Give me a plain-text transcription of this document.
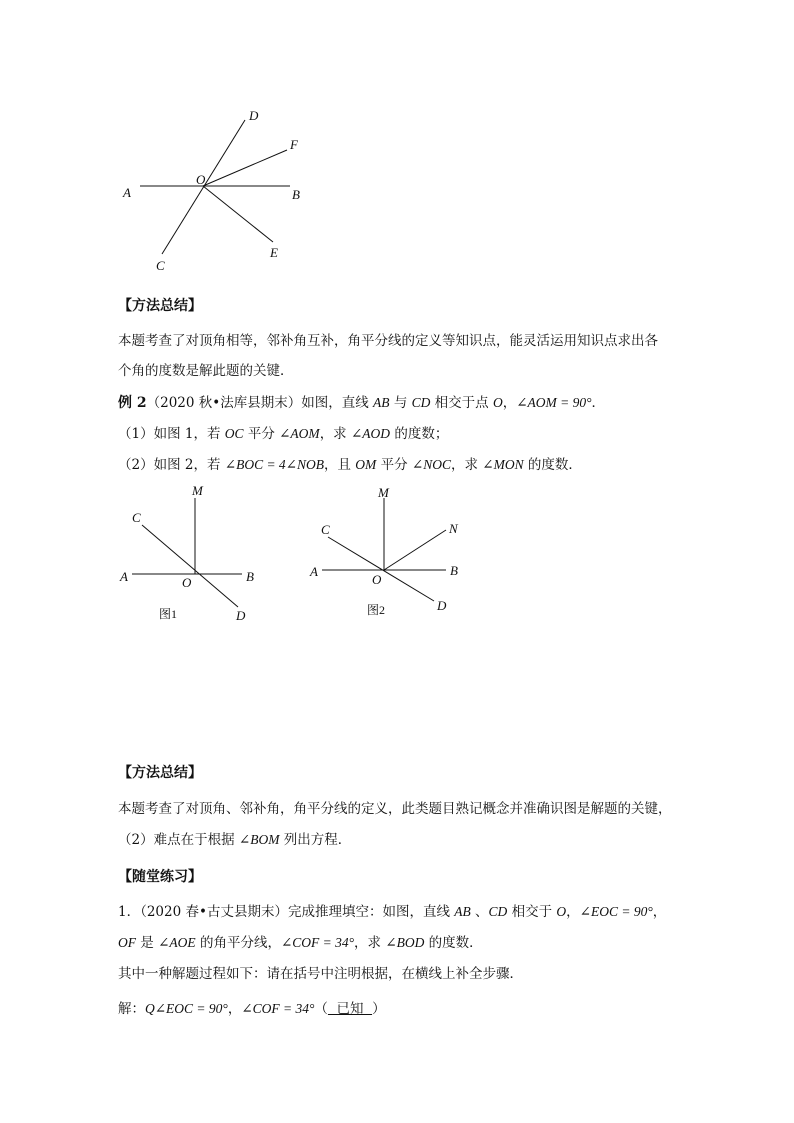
D
F
O
A	B
E
C
【方法总结】
本题考查了对顶角相等，邻补角互补，角平分线的定义等知识点，能灵活运用知识点求出各
个角的度数是解此题的关键．
例 2（2020 秋•法库县期末）如图，直线 AB 与 CD 相交于点 O，∠AOM = 90°．
（1）如图 1，若 OC 平分 ∠AOM，求 ∠AOD 的度数；
（2）如图 2，若 ∠BOC = 4∠NOB，且 OM 平分 ∠NOC，求 ∠MON 的度数．
C
M
A	O	B
D
图1
M
C	N
A
O
B
D
图2
【方法总结】
本题考查了对顶角、邻补角，角平分线的定义，此类题目熟记概念并准确识图是解题的关键，
（2）难点在于根据 ∠BOM 列出方程．
【随堂练习】
1．（2020 春•古丈县期末）完成推理填空：如图，直线 AB 、CD 相交于 O，∠EOC = 90°，
OF 是 ∠AOE 的角平分线，∠COF = 34°，求 ∠BOD 的度数．
其中一种解题过程如下：请在括号中注明根据，在横线上补全步骤．
解：Q∠EOC = 90°，∠COF = 34°（  已知  ）
